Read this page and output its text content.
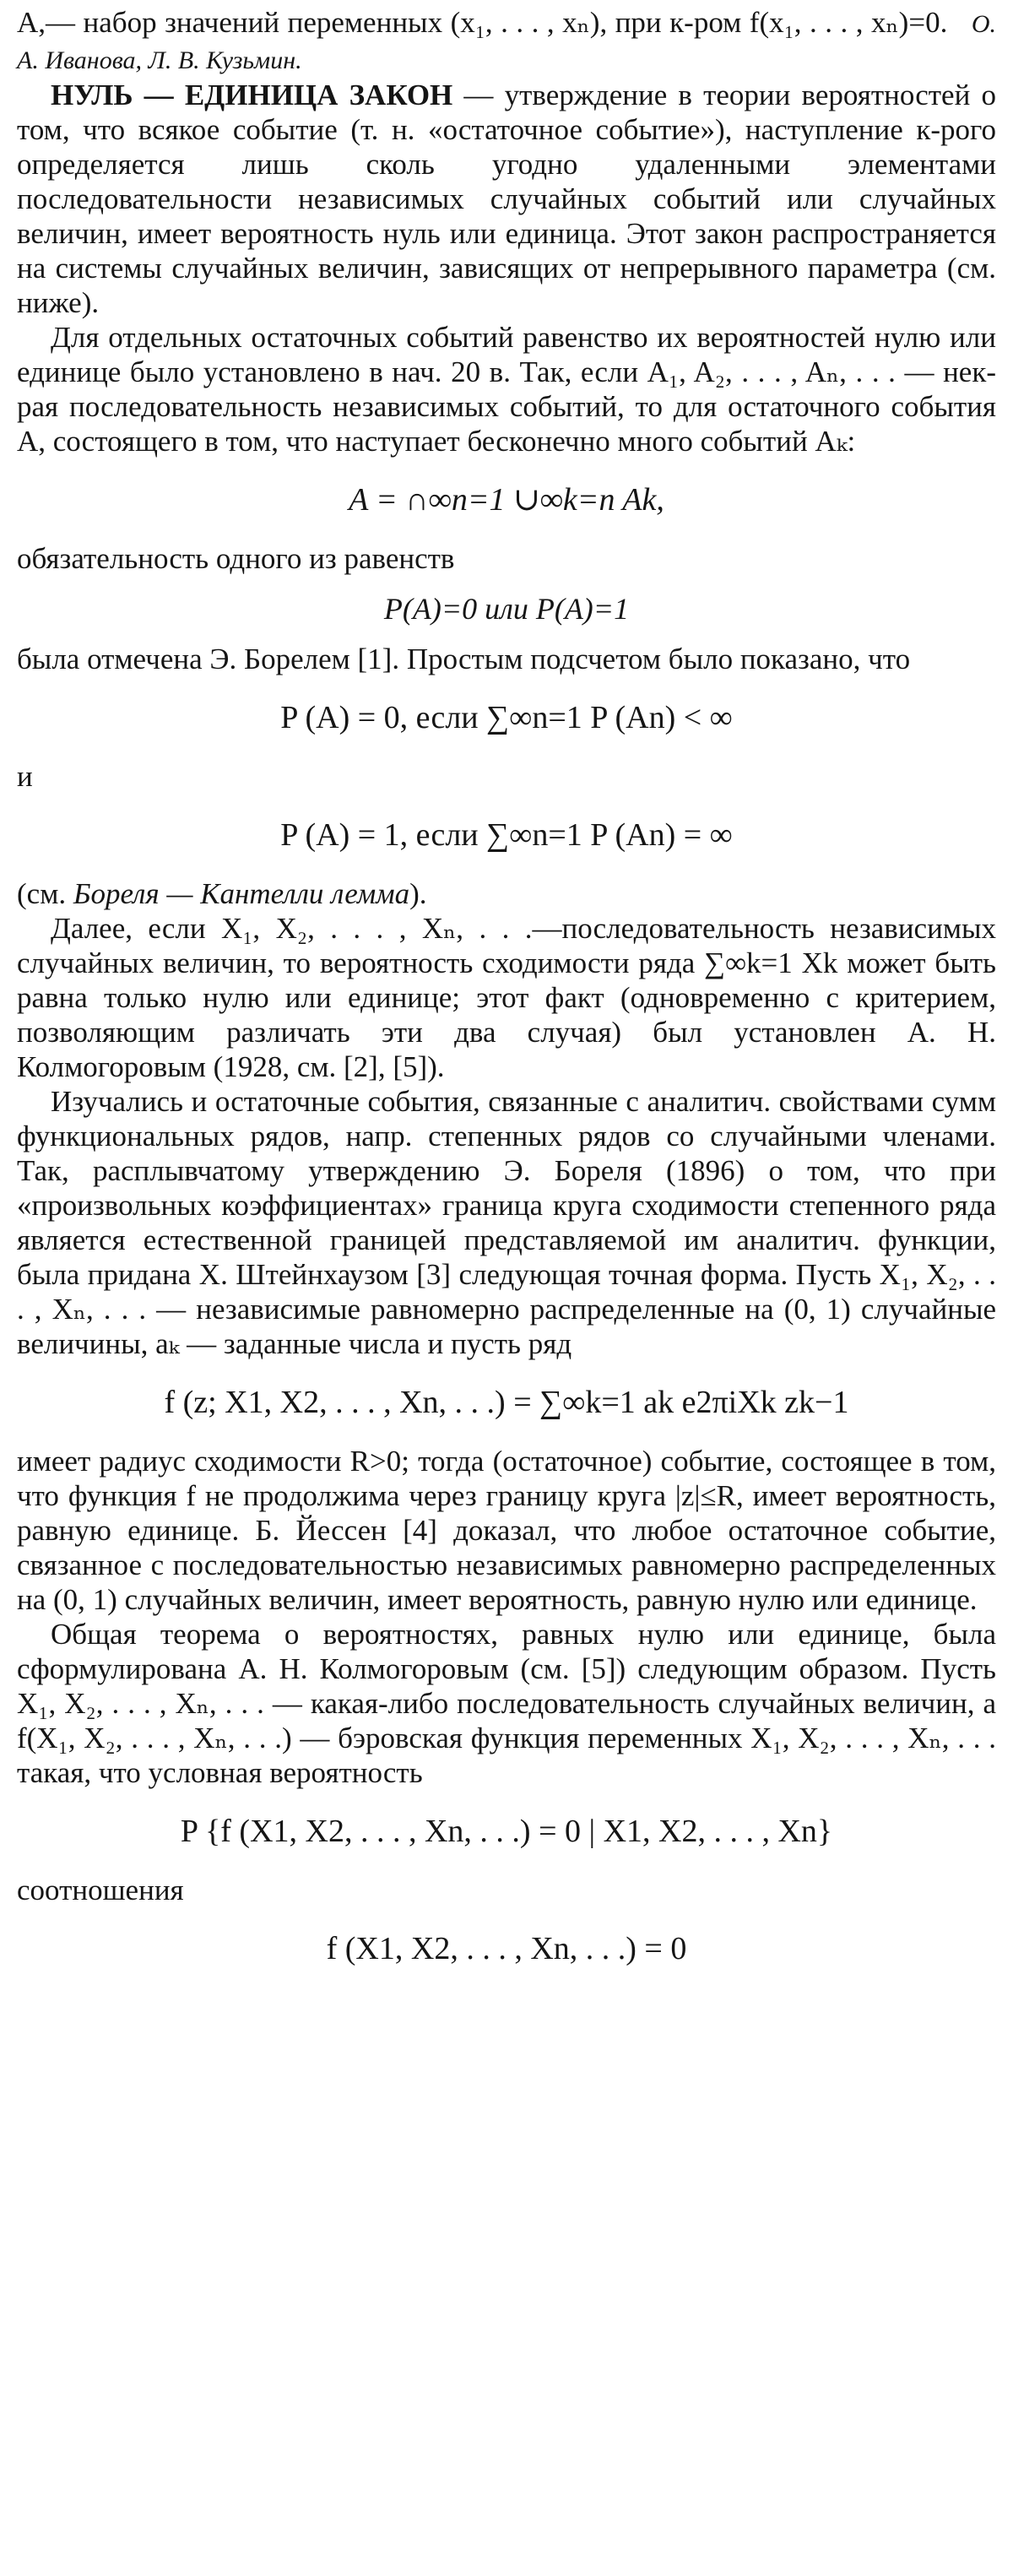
A,— набор значений переменных (x₁, . . . , xₙ), при к-ром f(x₁, . . . , xₙ)=0. О. А. Иванова, Л. В. Кузьмин.

НУЛЬ — ЕДИНИЦА ЗАКОН — утверждение в теории вероятностей о том, что всякое событие (т. н. «остаточное событие»), наступление к-рого определяется лишь сколь угодно удаленными элементами последовательности независимых случайных событий или случайных величин, имеет вероятность нуль или единица. Этот закон распространяется на системы случайных величин, зависящих от непрерывного параметра (см. ниже).

Для отдельных остаточных событий равенство их вероятностей нулю или единице было установлено в нач. 20 в. Так, если A₁, A₂, . . . , Aₙ, . . . — нек-рая последовательность независимых событий, то для остаточного события A, состоящего в том, что наступает бесконечно много событий Aₖ:

A = ∩∞n=1 ∪∞k=n Ak,

обязательность одного из равенств

P(A)=0 или P(A)=1

была отмечена Э. Борелем [1]. Простым подсчетом было показано, что

P (A) = 0, если ∑∞n=1 P (An) < ∞

и

P (A) = 1, если ∑∞n=1 P (An) = ∞

(см. Бореля — Кантелли лемма).

Далее, если X₁, X₂, . . . , Xₙ, . . .—последовательность независимых случайных величин, то вероятность сходимости ряда ∑∞k=1 Xk может быть равна только нулю или единице; этот факт (одновременно с критерием, позволяющим различать эти два случая) был установлен А. Н. Колмогоровым (1928, см. [2], [5]).

Изучались и остаточные события, связанные с аналитич. свойствами сумм функциональных рядов, напр. степенных рядов со случайными членами. Так, расплывчатому утверждению Э. Бореля (1896) о том, что при «произвольных коэффициентах» граница круга сходимости степенного ряда является естественной границей представляемой им аналитич. функции, была придана Х. Штейнхаузом [3] следующая точная форма. Пусть X₁, X₂, . . . , Xₙ, . . . — независимые равномерно распределенные на (0, 1) случайные величины, aₖ — заданные числа и пусть ряд

f (z; X1, X2, . . . , Xn, . . .) = ∑∞k=1 ak e2πiXk zk−1

имеет радиус сходимости R>0; тогда (остаточное) событие, состоящее в том, что функция f не продолжима через границу круга |z|≤R, имеет вероятность, равную единице. Б. Йессен [4] доказал, что любое остаточное событие, связанное с последовательностью независимых равномерно распределенных на (0, 1) случайных величин, имеет вероятность, равную нулю или единице.

Общая теорема о вероятностях, равных нулю или единице, была сформулирована А. Н. Колмогоровым (см. [5]) следующим образом. Пусть X₁, X₂, . . . , Xₙ, . . . — какая-либо последовательность случайных величин, а f(X₁, X₂, . . . , Xₙ, . . .) — бэровская функция переменных X₁, X₂, . . . , Xₙ, . . . такая, что условная вероятность

P {f (X1, X2, . . . , Xn, . . .) = 0 | X1, X2, . . . , Xn}

соотношения

f (X1, X2, . . . , Xn, . . .) = 0
